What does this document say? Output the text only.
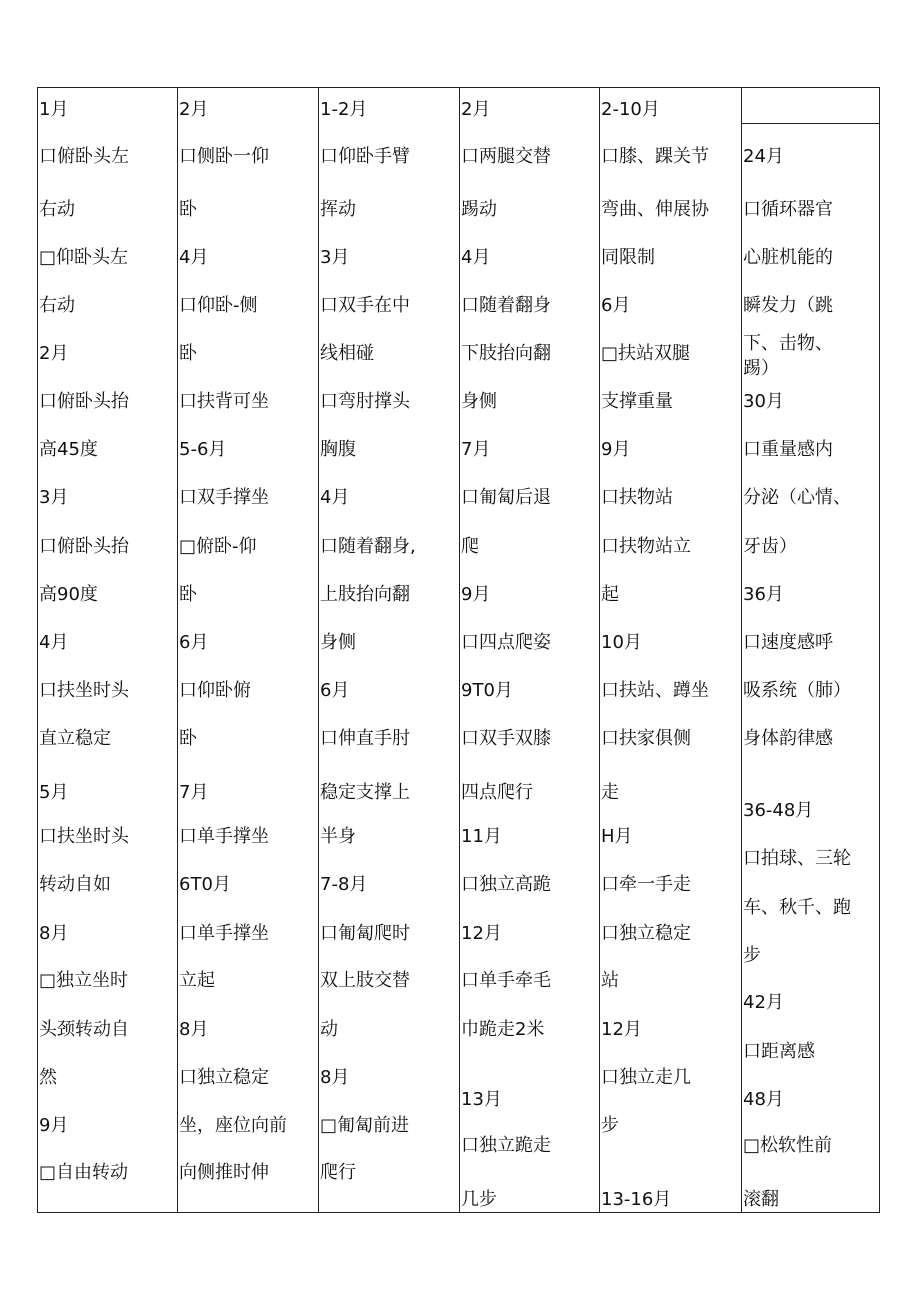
1月
口俯卧头左
右动
□仰卧头左
右动
2月
口俯卧头抬
高45度
3月
口俯卧头抬
高90度
4月
口扶坐时头
直立稳定
5月
口扶坐时头
转动自如
8月
□独立坐时
头颈转动自
然
9月
□自由转动
2月
口侧卧一仰
卧
4月
口仰卧-侧
卧
口扶背可坐
5-6月
口双手撑坐
□俯卧-仰
卧
6月
口仰卧俯
卧
7月
口单手撑坐
6T0月
口单手撑坐
立起
8月
口独立稳定
坐，座位向前
向侧推时伸
1-2月
口仰卧手臂
挥动
3月
口双手在中
线相碰
口弯肘撑头
胸腹
4月
口随着翻身,
上肢抬向翻
身侧
6月
口伸直手肘
稳定支撑上
半身
7-8月
口匍匐爬时
双上肢交替
动
8月
□匍匐前进
爬行
2月
口两腿交替
踢动
4月
口随着翻身
下肢抬向翻
身侧
7月
口匍匐后退
爬
9月
口四点爬姿
9T0月
口双手双膝
四点爬行
11月
口独立高跪
12月
口单手牵毛
巾跪走2米
13月
口独立跪走
几步
2-10月
口膝、踝关节
弯曲、伸展协
同限制
6月
□扶站双腿
支撑重量
9月
口扶物站
口扶物站立
起
10月
口扶站、蹲坐
口扶家俱侧
走
H月
口牵一手走
口独立稳定
站
12月
口独立走几
步
13-16月
24月
口循环器官
心脏机能的
瞬发力（跳
下、击物、
踢）
30月
口重量感内
分泌（心情、
牙齿）
36月
口速度感呼
吸系统（肺）
身体韵律感
36-48月
口拍球、三轮
车、秋千、跑
步
42月
口距离感
48月
□松软性前
滚翻
